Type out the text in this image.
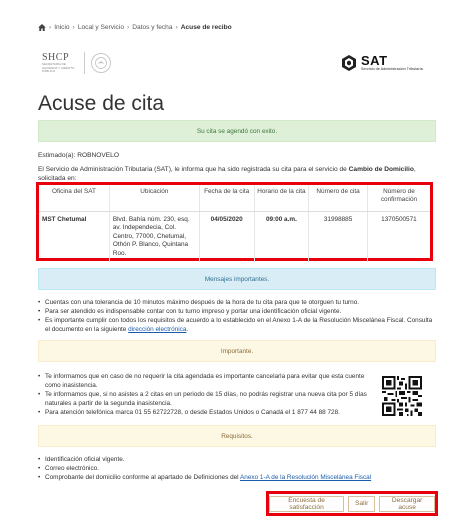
› Inicio › Local y Servicio › Datos y fecha › Acuse de recibo
SHCP
SECRETARÍA DE HACIENDA Y CRÉDITO PÚBLICO
SAT
Servicio de Administración Tributaria
Acuse de cita
Su cita se agendó con exito.
Estimado(a): ROBNOVELO

El Servicio de Administración Tributaria (SAT), le informa que ha sido registrada su cita para el servicio de Cambio de Domicilio, solicitada en:

Oficina del SAT	Ubicación	Fecha de la cita	Horario de la cita	Número de cita	Número de confirmación
MST Chetumal	Blvd. Bahía núm. 230, esq. av. Independecia, Col. Centro, 77000, Chetumal, Othón P. Blanco, Quintana Roo.	04/05/2020	09:00 a.m.	31998885	1370500571
Mensajes importantes.
• Cuentas con una tolerancia de 10 minutos máximo después de la hora de tu cita para que te otorguen tu turno.
• Para ser atendido es indispensable contar con tu turno impreso y portar una identificación oficial vigente.
• Es importante cumplir con todos los requisitos de acuerdo a lo establecido en el Anexo 1-A de la Resolución Miscelánea Fiscal. Consulta el documento en la siguiente dirección electrónica.
Importante.
• Te informamos que en caso de no requerir la cita agendada es importante cancelarla para evitar que esta cuente como inasistencia.
• Te informamos que, si no asistes a 2 citas en un periodo de 15 días, no podrás registrar una nueva cita por 5 días naturales a partir de la segunda inasistencia.
• Para atención telefónica marca 01 55 62722728, o desde Estados Unidos o Canadá el 1 877 44 88 728.
Requisitos.
• Identificación oficial vigente.
• Correo electrónico.
• Comprobante del domicilio conforme al apartado de Definiciones del Anexo 1-A de la Resolución Miscelánea Fiscal
Encuesta de satisfacción	Salir	Descargar acuse
